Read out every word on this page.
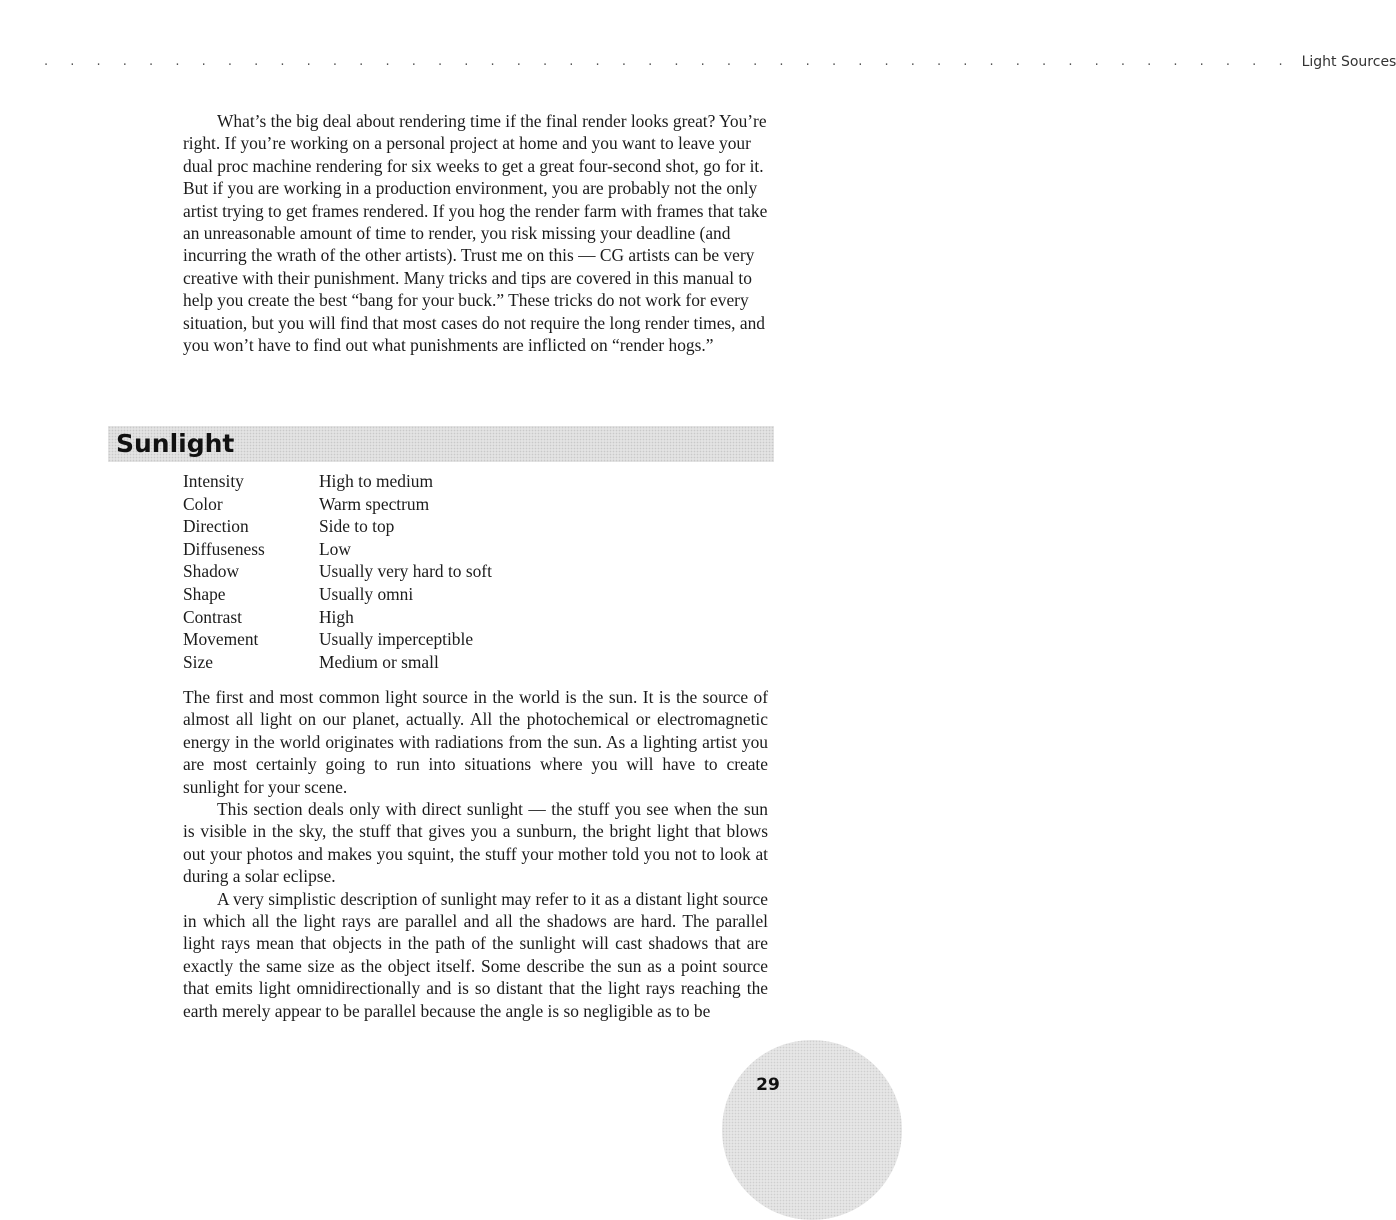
. . . . . . . . . . . . . . . . . . . . . . . . . . . . . . . . . . . . . . . . . . . . . . . . Light Sources

What’s the big deal about rendering time if the final render looks great? You’re right. If you’re working on a personal project at home and you want to leave your dual proc machine rendering for six weeks to get a great four-second shot, go for it. But if you are working in a production environment, you are probably not the only artist trying to get frames rendered. If you hog the render farm with frames that take an unreasonable amount of time to render, you risk missing your deadline (and incurring the wrath of the other artists). Trust me on this — CG artists can be very creative with their punishment. Many tricks and tips are covered in this manual to help you create the best “bang for your buck.” These tricks do not work for every situation, but you will find that most cases do not require the long render times, and you won’t have to find out what punishments are inflicted on “render hogs.”

Sunlight
Intensity	High to medium
Color	Warm spectrum
Direction	Side to top
Diffuseness	Low
Shadow	Usually very hard to soft
Shape	Usually omni
Contrast	High
Movement	Usually imperceptible
Size	Medium or small

The first and most common light source in the world is the sun. It is the source of almost all light on our planet, actually. All the photochemical or electromagnetic energy in the world originates with radiations from the sun. As a lighting artist you are most certainly going to run into situations where you will have to create sunlight for your scene.

This section deals only with direct sunlight — the stuff you see when the sun is visible in the sky, the stuff that gives you a sunburn, the bright light that blows out your photos and makes you squint, the stuff your mother told you not to look at during a solar eclipse.

A very simplistic description of sunlight may refer to it as a distant light source in which all the light rays are parallel and all the shadows are hard. The parallel light rays mean that objects in the path of the sunlight will cast shadows that are exactly the same size as the object itself. Some describe the sun as a point source that emits light omnidirectionally and is so distant that the light rays reaching the earth merely appear to be parallel because the angle is so negligible as to be

29
